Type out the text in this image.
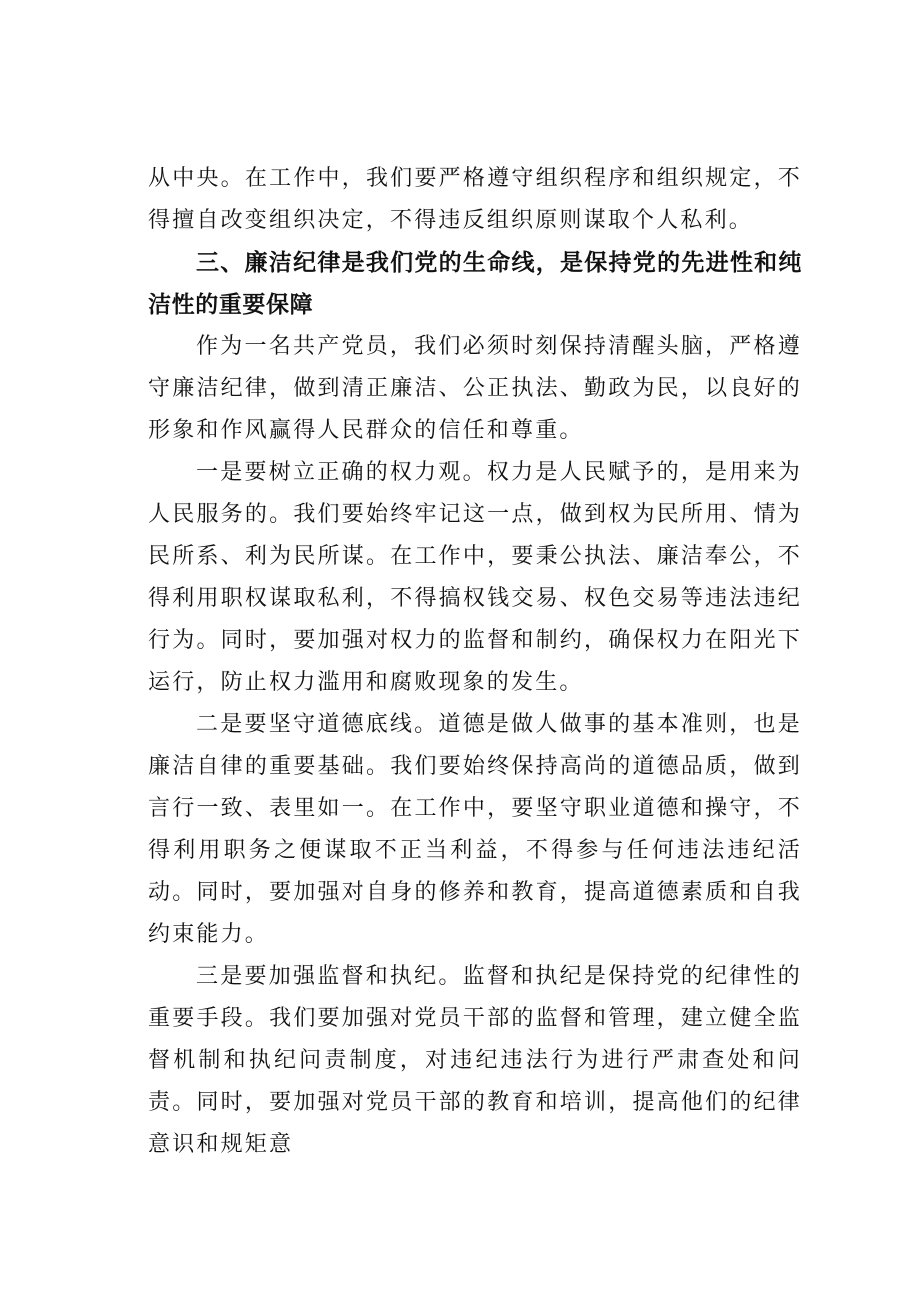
从中央。在工作中，我们要严格遵守组织程序和组织规定，不得擅自改变组织决定，不得违反组织原则谋取个人私利。

三、廉洁纪律是我们党的生命线，是保持党的先进性和纯洁性的重要保障

作为一名共产党员，我们必须时刻保持清醒头脑，严格遵守廉洁纪律，做到清正廉洁、公正执法、勤政为民，以良好的形象和作风赢得人民群众的信任和尊重。

一是要树立正确的权力观。权力是人民赋予的，是用来为人民服务的。我们要始终牢记这一点，做到权为民所用、情为民所系、利为民所谋。在工作中，要秉公执法、廉洁奉公，不得利用职权谋取私利，不得搞权钱交易、权色交易等违法违纪行为。同时，要加强对权力的监督和制约，确保权力在阳光下运行，防止权力滥用和腐败现象的发生。

二是要坚守道德底线。道德是做人做事的基本准则，也是廉洁自律的重要基础。我们要始终保持高尚的道德品质，做到言行一致、表里如一。在工作中，要坚守职业道德和操守，不得利用职务之便谋取不正当利益，不得参与任何违法违纪活动。同时，要加强对自身的修养和教育，提高道德素质和自我约束能力。

三是要加强监督和执纪。监督和执纪是保持党的纪律性的重要手段。我们要加强对党员干部的监督和管理，建立健全监督机制和执纪问责制度，对违纪违法行为进行严肃查处和问责。同时，要加强对党员干部的教育和培训，提高他们的纪律意识和规矩意
